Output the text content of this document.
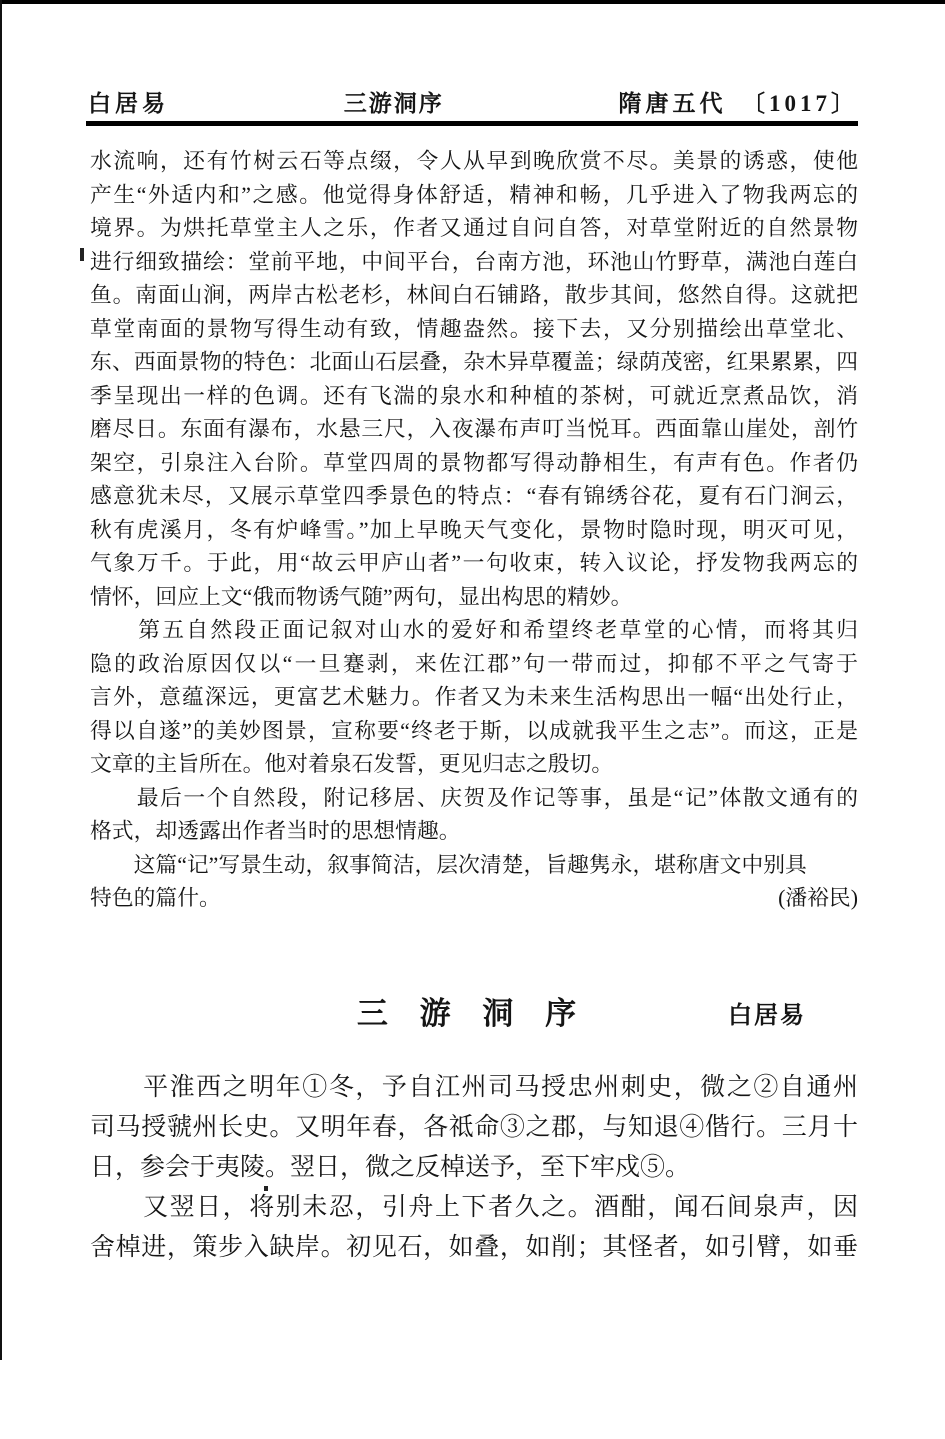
白居易	三游洞序	隋唐五代　〔1017〕
水流响，还有竹树云石等点缀，令人从早到晚欣赏不尽。美景的诱惑，使他
产生“外适内和”之感。他觉得身体舒适，精神和畅，几乎进入了物我两忘的
境界。为烘托草堂主人之乐，作者又通过自问自答，对草堂附近的自然景物
进行细致描绘：堂前平地，中间平台，台南方池，环池山竹野草，满池白莲白
鱼。南面山涧，两岸古松老杉，林间白石铺路，散步其间，悠然自得。这就把
草堂南面的景物写得生动有致，情趣盎然。接下去，又分别描绘出草堂北、
东、西面景物的特色：北面山石层叠，杂木异草覆盖；绿荫茂密，红果累累，四
季呈现出一样的色调。还有飞湍的泉水和种植的茶树，可就近烹煮品饮，消
磨尽日。东面有瀑布，水悬三尺，入夜瀑布声叮当悦耳。西面靠山崖处，剖竹
架空，引泉注入台阶。草堂四周的景物都写得动静相生，有声有色。作者仍
感意犹未尽，又展示草堂四季景色的特点：“春有锦绣谷花，夏有石门涧云，
秋有虎溪月，冬有炉峰雪。”加上早晚天气变化，景物时隐时现，明灭可见，
气象万千。于此，用“故云甲庐山者”一句收束，转入议论，抒发物我两忘的
情怀，回应上文“俄而物诱气随”两句，显出构思的精妙。
　　第五自然段正面记叙对山水的爱好和希望终老草堂的心情，而将其归
隐的政治原因仅以“一旦蹇剥，来佐江郡”句一带而过，抑郁不平之气寄于
言外，意蕴深远，更富艺术魅力。作者又为未来生活构思出一幅“出处行止，
得以自遂”的美妙图景，宣称要“终老于斯，以成就我平生之志”。而这，正是
文章的主旨所在。他对着泉石发誓，更见归志之殷切。
　　最后一个自然段，附记移居、庆贺及作记等事，虽是“记”体散文通有的
格式，却透露出作者当时的思想情趣。
　　这篇“记”写景生动，叙事简洁，层次清楚，旨趣隽永，堪称唐文中别具
特色的篇什。	(潘裕民)
三 游 洞 序	白居易
　　平淮西之明年①冬，予自江州司马授忠州刺史，微之②自通州
司马授虢州长史。又明年春，各祗命③之郡，与知退④偕行。三月十
日，参会于夷陵。翌日，微之反棹送予，至下牢戍⑤。
　　又翌日，将别未忍，引舟上下者久之。酒酣，闻石间泉声，因
舍棹进，策步入缺岸。初见石，如叠，如削；其怪者，如引臂，如垂
